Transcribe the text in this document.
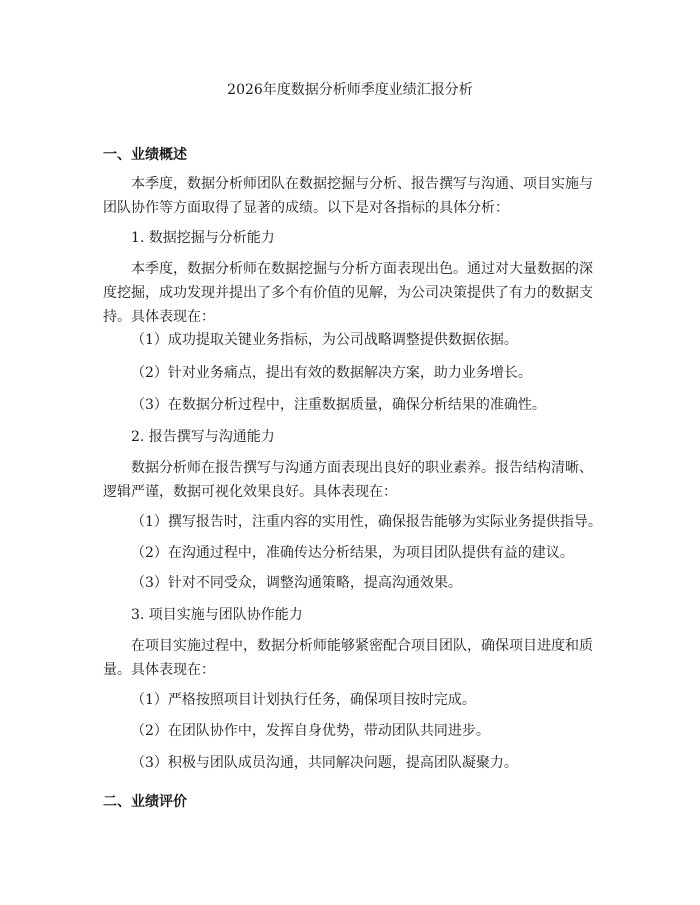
2026年度数据分析师季度业绩汇报分析
一、业绩概述

本季度，数据分析师团队在数据挖掘与分析、报告撰写与沟通、项目实施与团队协作等方面取得了显著的成绩。以下是对各指标的具体分析：

1. 数据挖掘与分析能力

本季度，数据分析师在数据挖掘与分析方面表现出色。通过对大量数据的深度挖掘，成功发现并提出了多个有价值的见解，为公司决策提供了有力的数据支持。具体表现在：

（1）成功提取关键业务指标，为公司战略调整提供数据依据。
（2）针对业务痛点，提出有效的数据解决方案，助力业务增长。
（3）在数据分析过程中，注重数据质量，确保分析结果的准确性。
2. 报告撰写与沟通能力

数据分析师在报告撰写与沟通方面表现出良好的职业素养。报告结构清晰、逻辑严谨，数据可视化效果良好。具体表现在：

（1）撰写报告时，注重内容的实用性，确保报告能够为实际业务提供指导。
（2）在沟通过程中，准确传达分析结果，为项目团队提供有益的建议。
（3）针对不同受众，调整沟通策略，提高沟通效果。
3. 项目实施与团队协作能力

在项目实施过程中，数据分析师能够紧密配合项目团队，确保项目进度和质量。具体表现在：

（1）严格按照项目计划执行任务，确保项目按时完成。
（2）在团队协作中，发挥自身优势，带动团队共同进步。
（3）积极与团队成员沟通，共同解决问题，提高团队凝聚力。
二、业绩评价
